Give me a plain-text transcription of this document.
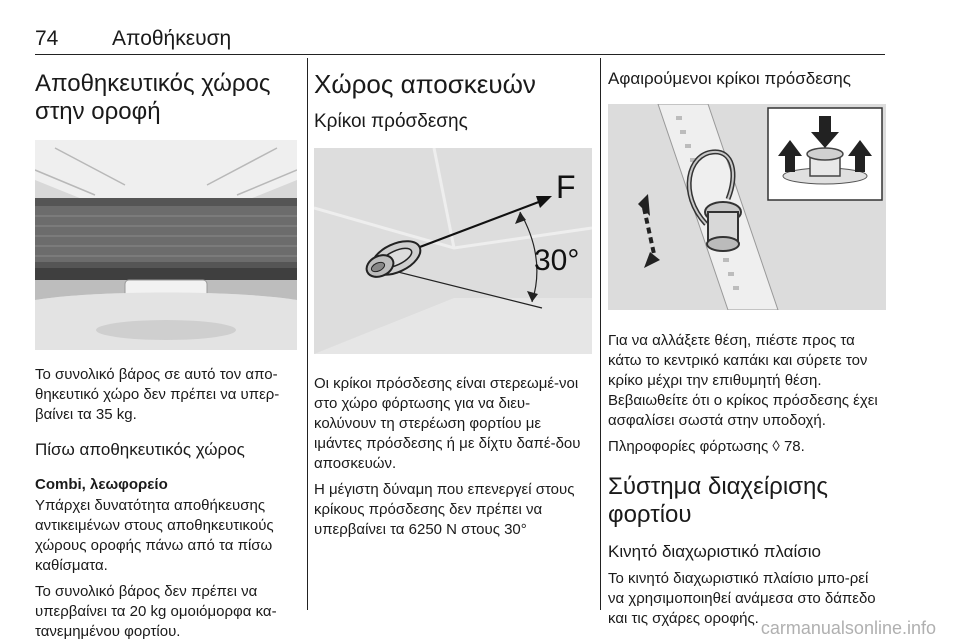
74	Αποθήκευση
Αποθηκευτικός χώρος στην οροφή

Το συνολικό βάρος σε αυτό τον απο-θηκευτικό χώρο δεν πρέπει να υπερ-βαίνει τα 35 kg.

Πίσω αποθηκευτικός χώρος

Combi, λεωφορείο

Υπάρχει δυνατότητα αποθήκευσης αντικειμένων στους αποθηκευτικούς χώρους οροφής πάνω από τα πίσω καθίσματα.

Το συνολικό βάρος δεν πρέπει να υπερβαίνει τα 20 kg ομοιόμορφα κα-τανεμημένου φορτίου.

Χώρος αποσκευών
Κρίκοι πρόσδεσης
F
30°

Οι κρίκοι πρόσδεσης είναι στερεωμέ-νοι στο χώρο φόρτωσης για να διευ-κολύνουν τη στερέωση φορτίου με ιμάντες πρόσδεσης ή με δίχτυ δαπέ-δου αποσκευών.

Η μέγιστη δύναμη που επενεργεί στους κρίκους πρόσδεσης δεν πρέπει να υπερβαίνει τα 6250 N στους 30°

Αφαιρούμενοι κρίκοι πρόσδεσης

Για να αλλάξετε θέση, πιέστε προς τα κάτω το κεντρικό καπάκι και σύρετε τον κρίκο μέχρι την επιθυμητή θέση. Βεβαιωθείτε ότι ο κρίκος πρόσδεσης έχει ασφαλίσει σωστά στην υποδοχή.

Πληροφορίες φόρτωσης ◊ 78.

Σύστημα διαχείρισης φορτίου
Κινητό διαχωριστικό πλαίσιο

Το κινητό διαχωριστικό πλαίσιο μπο-ρεί να χρησιμοποιηθεί ανάμεσα στο δάπεδο και τις σχάρες οροφής. carmanualsonline.info
